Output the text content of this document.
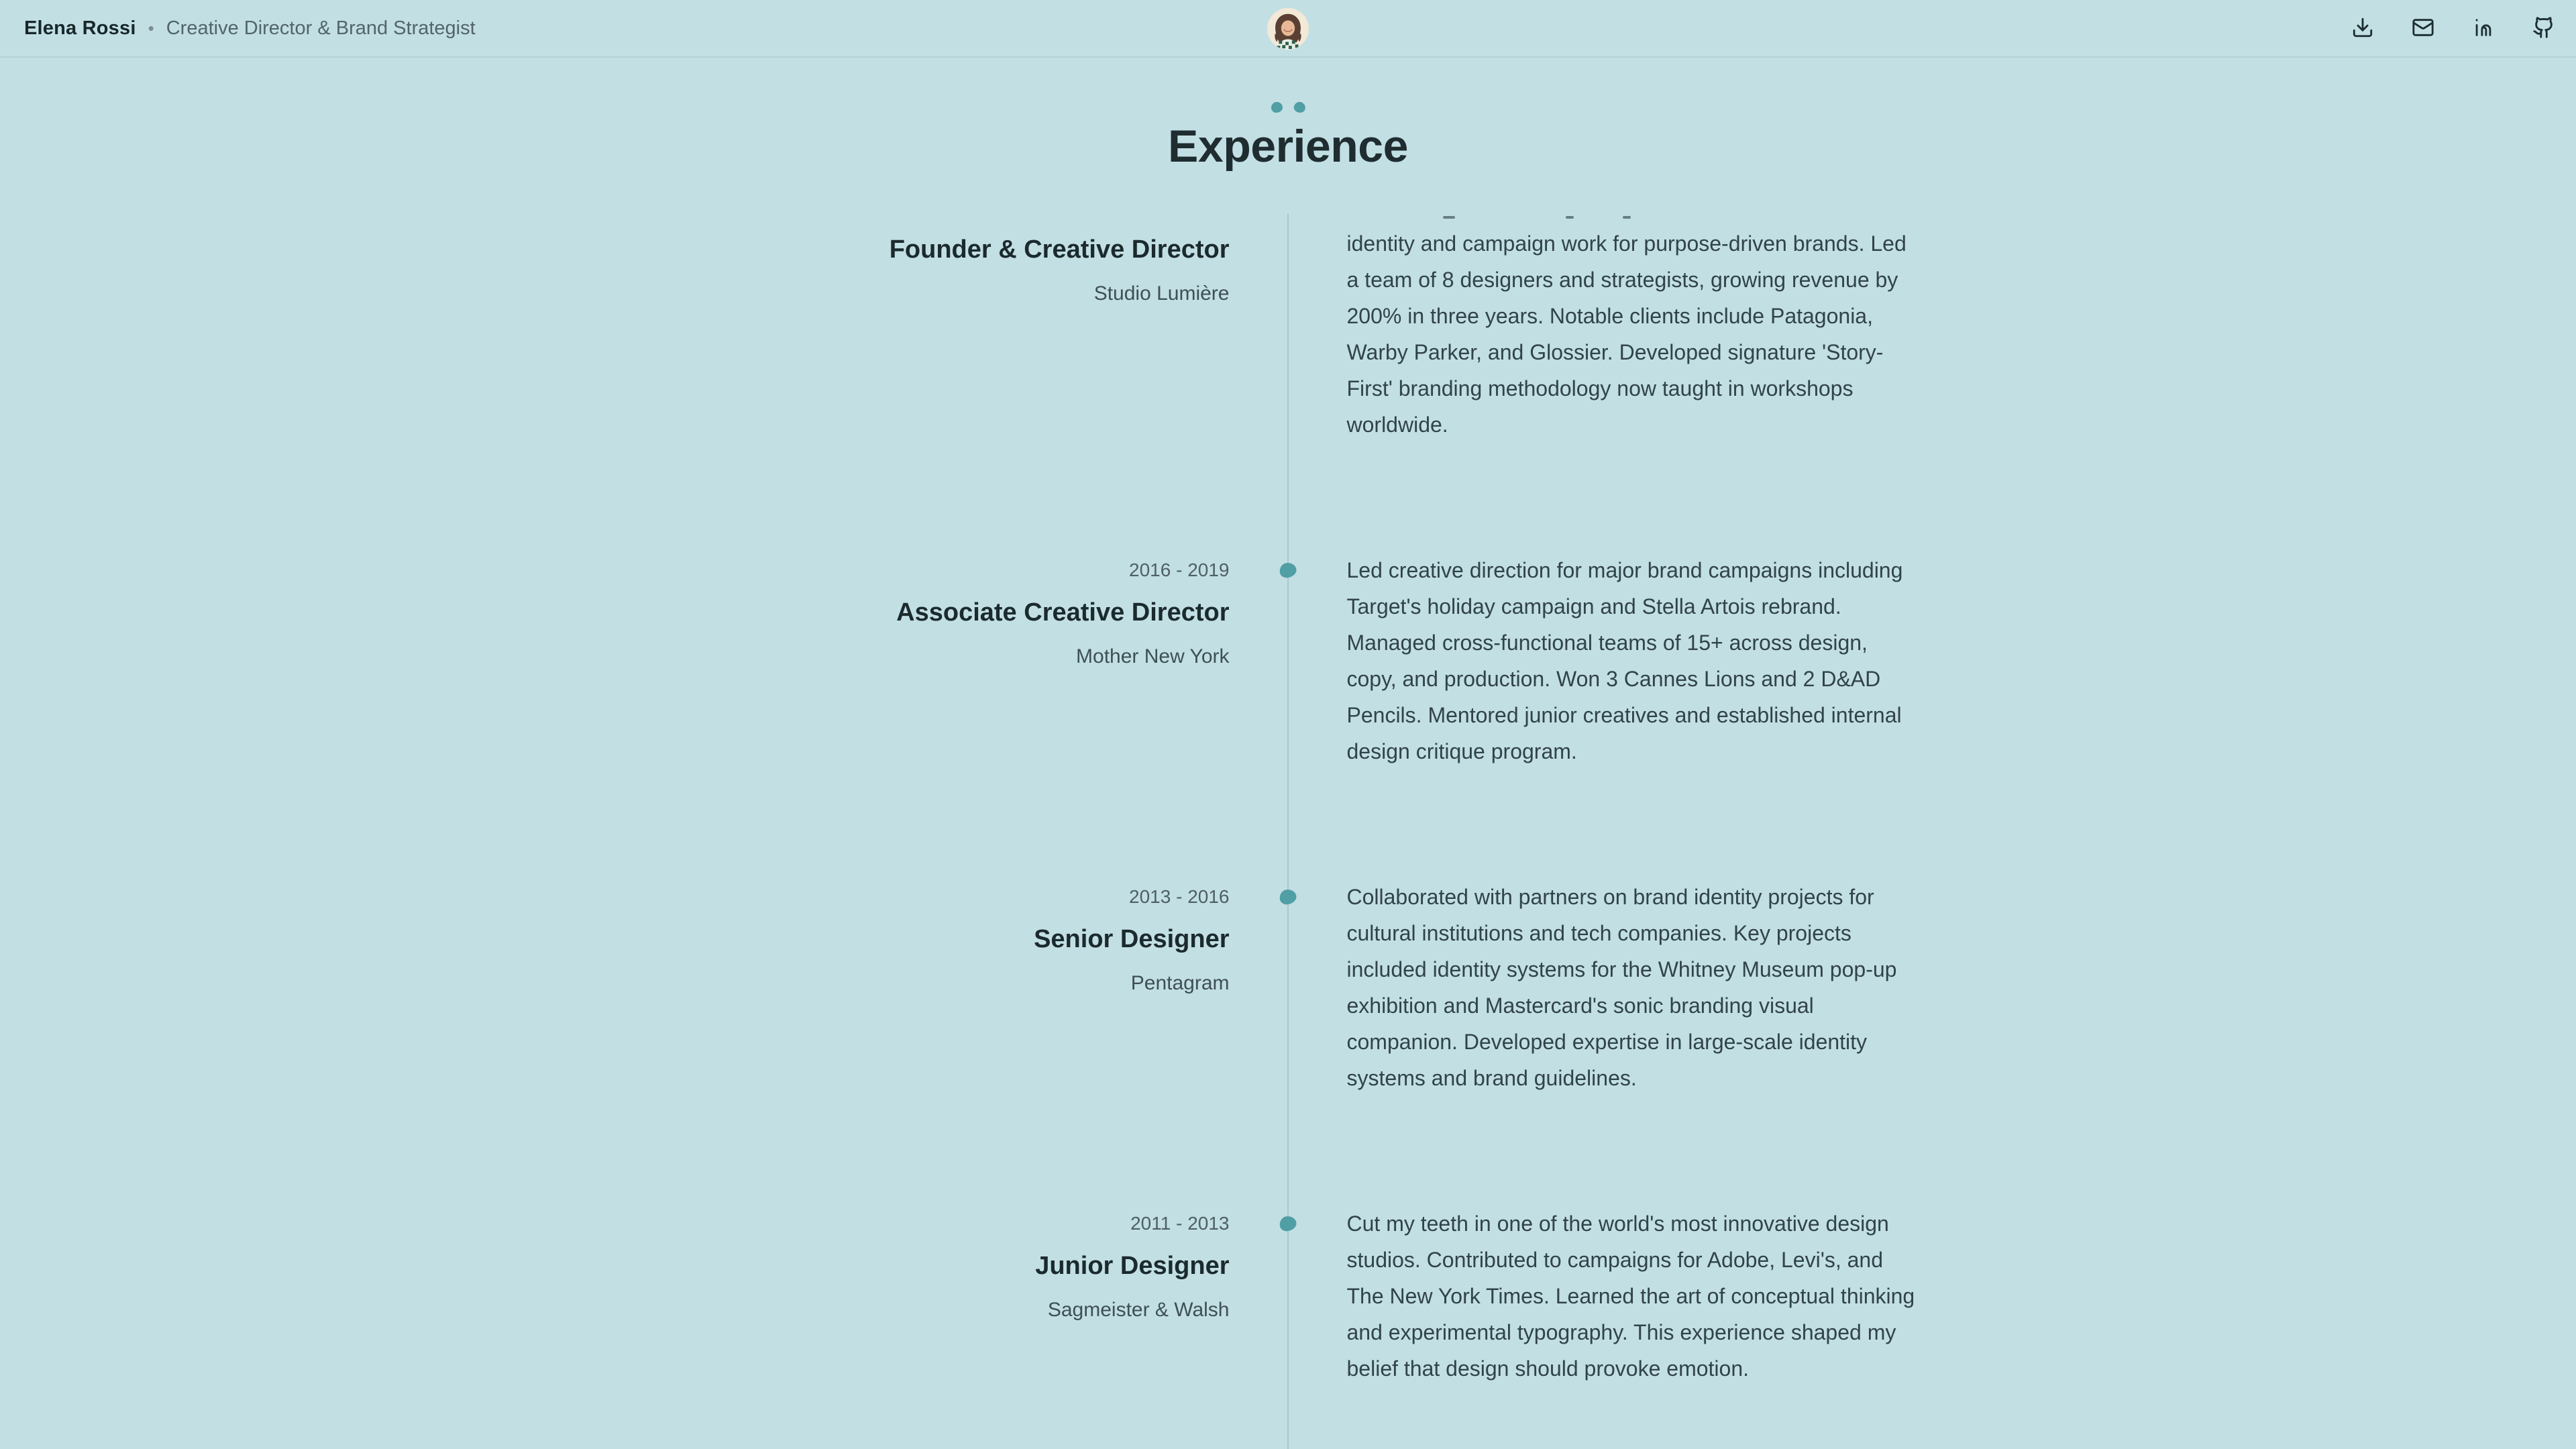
Elena Rossi • Creative Director & Brand Strategist
Experience
Founder & Creative Director
Studio Lumière

identity and campaign work for purpose-driven brands. Led a team of 8 designers and strategists, growing revenue by 200% in three years. Notable clients include Patagonia, Warby Parker, and Glossier. Developed signature 'Story-First' branding methodology now taught in workshops worldwide.

2016 - 2019
Associate Creative Director
Mother New York

Led creative direction for major brand campaigns including Target's holiday campaign and Stella Artois rebrand. Managed cross-functional teams of 15+ across design, copy, and production. Won 3 Cannes Lions and 2 D&AD Pencils. Mentored junior creatives and established internal design critique program.

2013 - 2016
Senior Designer
Pentagram

Collaborated with partners on brand identity projects for cultural institutions and tech companies. Key projects included identity systems for the Whitney Museum pop-up exhibition and Mastercard's sonic branding visual companion. Developed expertise in large-scale identity systems and brand guidelines.

2011 - 2013
Junior Designer
Sagmeister & Walsh

Cut my teeth in one of the world's most innovative design studios. Contributed to campaigns for Adobe, Levi's, and The New York Times. Learned the art of conceptual thinking and experimental typography. This experience shaped my belief that design should provoke emotion.
